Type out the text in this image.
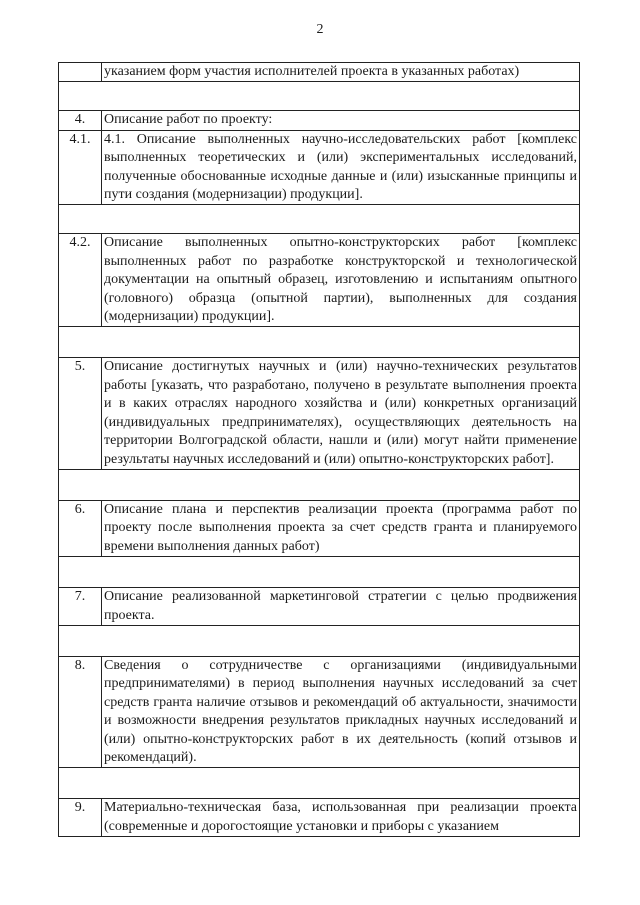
2
	указанием форм участия исполнителей проекта в указанных работах)

4.	Описание работ по проекту:
4.1.	4.1. Описание выполненных научно-исследовательских работ [комплекс выполненных теоретических и (или) экспериментальных исследований, полученные обоснованные исходные данные и (или) изысканные принципы и пути создания (модернизации) продукции].

4.2.	Описание выполненных опытно-конструкторских работ [комплекс выполненных работ по разработке конструкторской и технологической документации на опытный образец, изготовлению и испытаниям опытного (головного) образца (опытной партии), выполненных для создания (модернизации) продукции].

5.	Описание достигнутых научных и (или) научно-технических результатов работы [указать, что разработано, получено в результате выполнения проекта и в каких отраслях народного хозяйства и (или) конкретных организаций (индивидуальных предпринимателях), осуществляющих деятельность на территории Волгоградской области, нашли и (или) могут найти применение результаты научных исследований и (или) опытно-конструкторских работ].

6.	Описание плана и перспектив реализации проекта (программа работ по проекту после выполнения проекта за счет средств гранта и планируемого времени выполнения данных работ)

7.	Описание реализованной маркетинговой стратегии с целью продвижения проекта.

8.	Сведения о сотрудничестве с организациями (индивидуальными предпринимателями) в период выполнения научных исследований за счет средств гранта наличие отзывов и рекомендаций об актуальности, значимости и возможности внедрения результатов прикладных научных исследований и (или) опытно-конструкторских работ в их деятельность (копий отзывов и рекомендаций).

9.	Материально-техническая база, использованная при реализации проекта (современные и дорогостоящие установки и приборы с указанием
